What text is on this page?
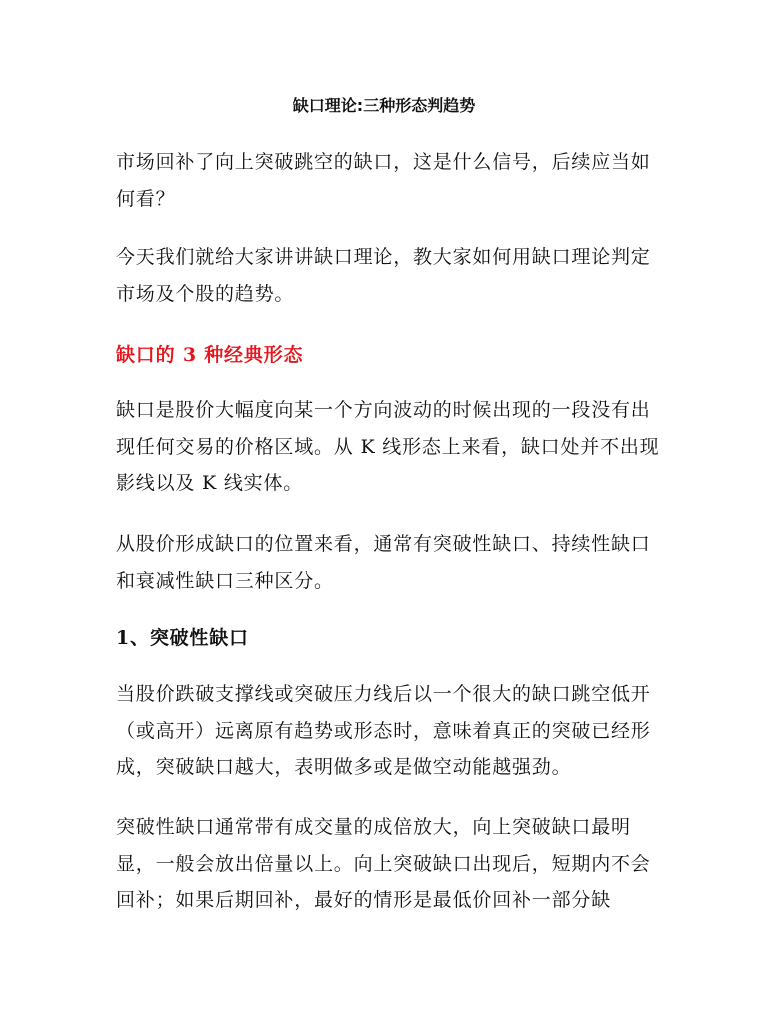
缺口理论:三种形态判趋势

市场回补了向上突破跳空的缺口，这是什么信号，后续应当如何看？

今天我们就给大家讲讲缺口理论，教大家如何用缺口理论判定市场及个股的趋势。

缺口的 3 种经典形态

缺口是股价大幅度向某一个方向波动的时候出现的一段没有出现任何交易的价格区域。从 K 线形态上来看，缺口处并不出现影线以及 K 线实体。

从股价形成缺口的位置来看，通常有突破性缺口、持续性缺口和衰减性缺口三种区分。

1、突破性缺口

当股价跌破支撑线或突破压力线后以一个很大的缺口跳空低开（或高开）远离原有趋势或形态时，意味着真正的突破已经形成，突破缺口越大，表明做多或是做空动能越强劲。

突破性缺口通常带有成交量的成倍放大，向上突破缺口最明显，一般会放出倍量以上。向上突破缺口出现后，短期内不会回补；如果后期回补，最好的情形是最低价回补一部分缺
